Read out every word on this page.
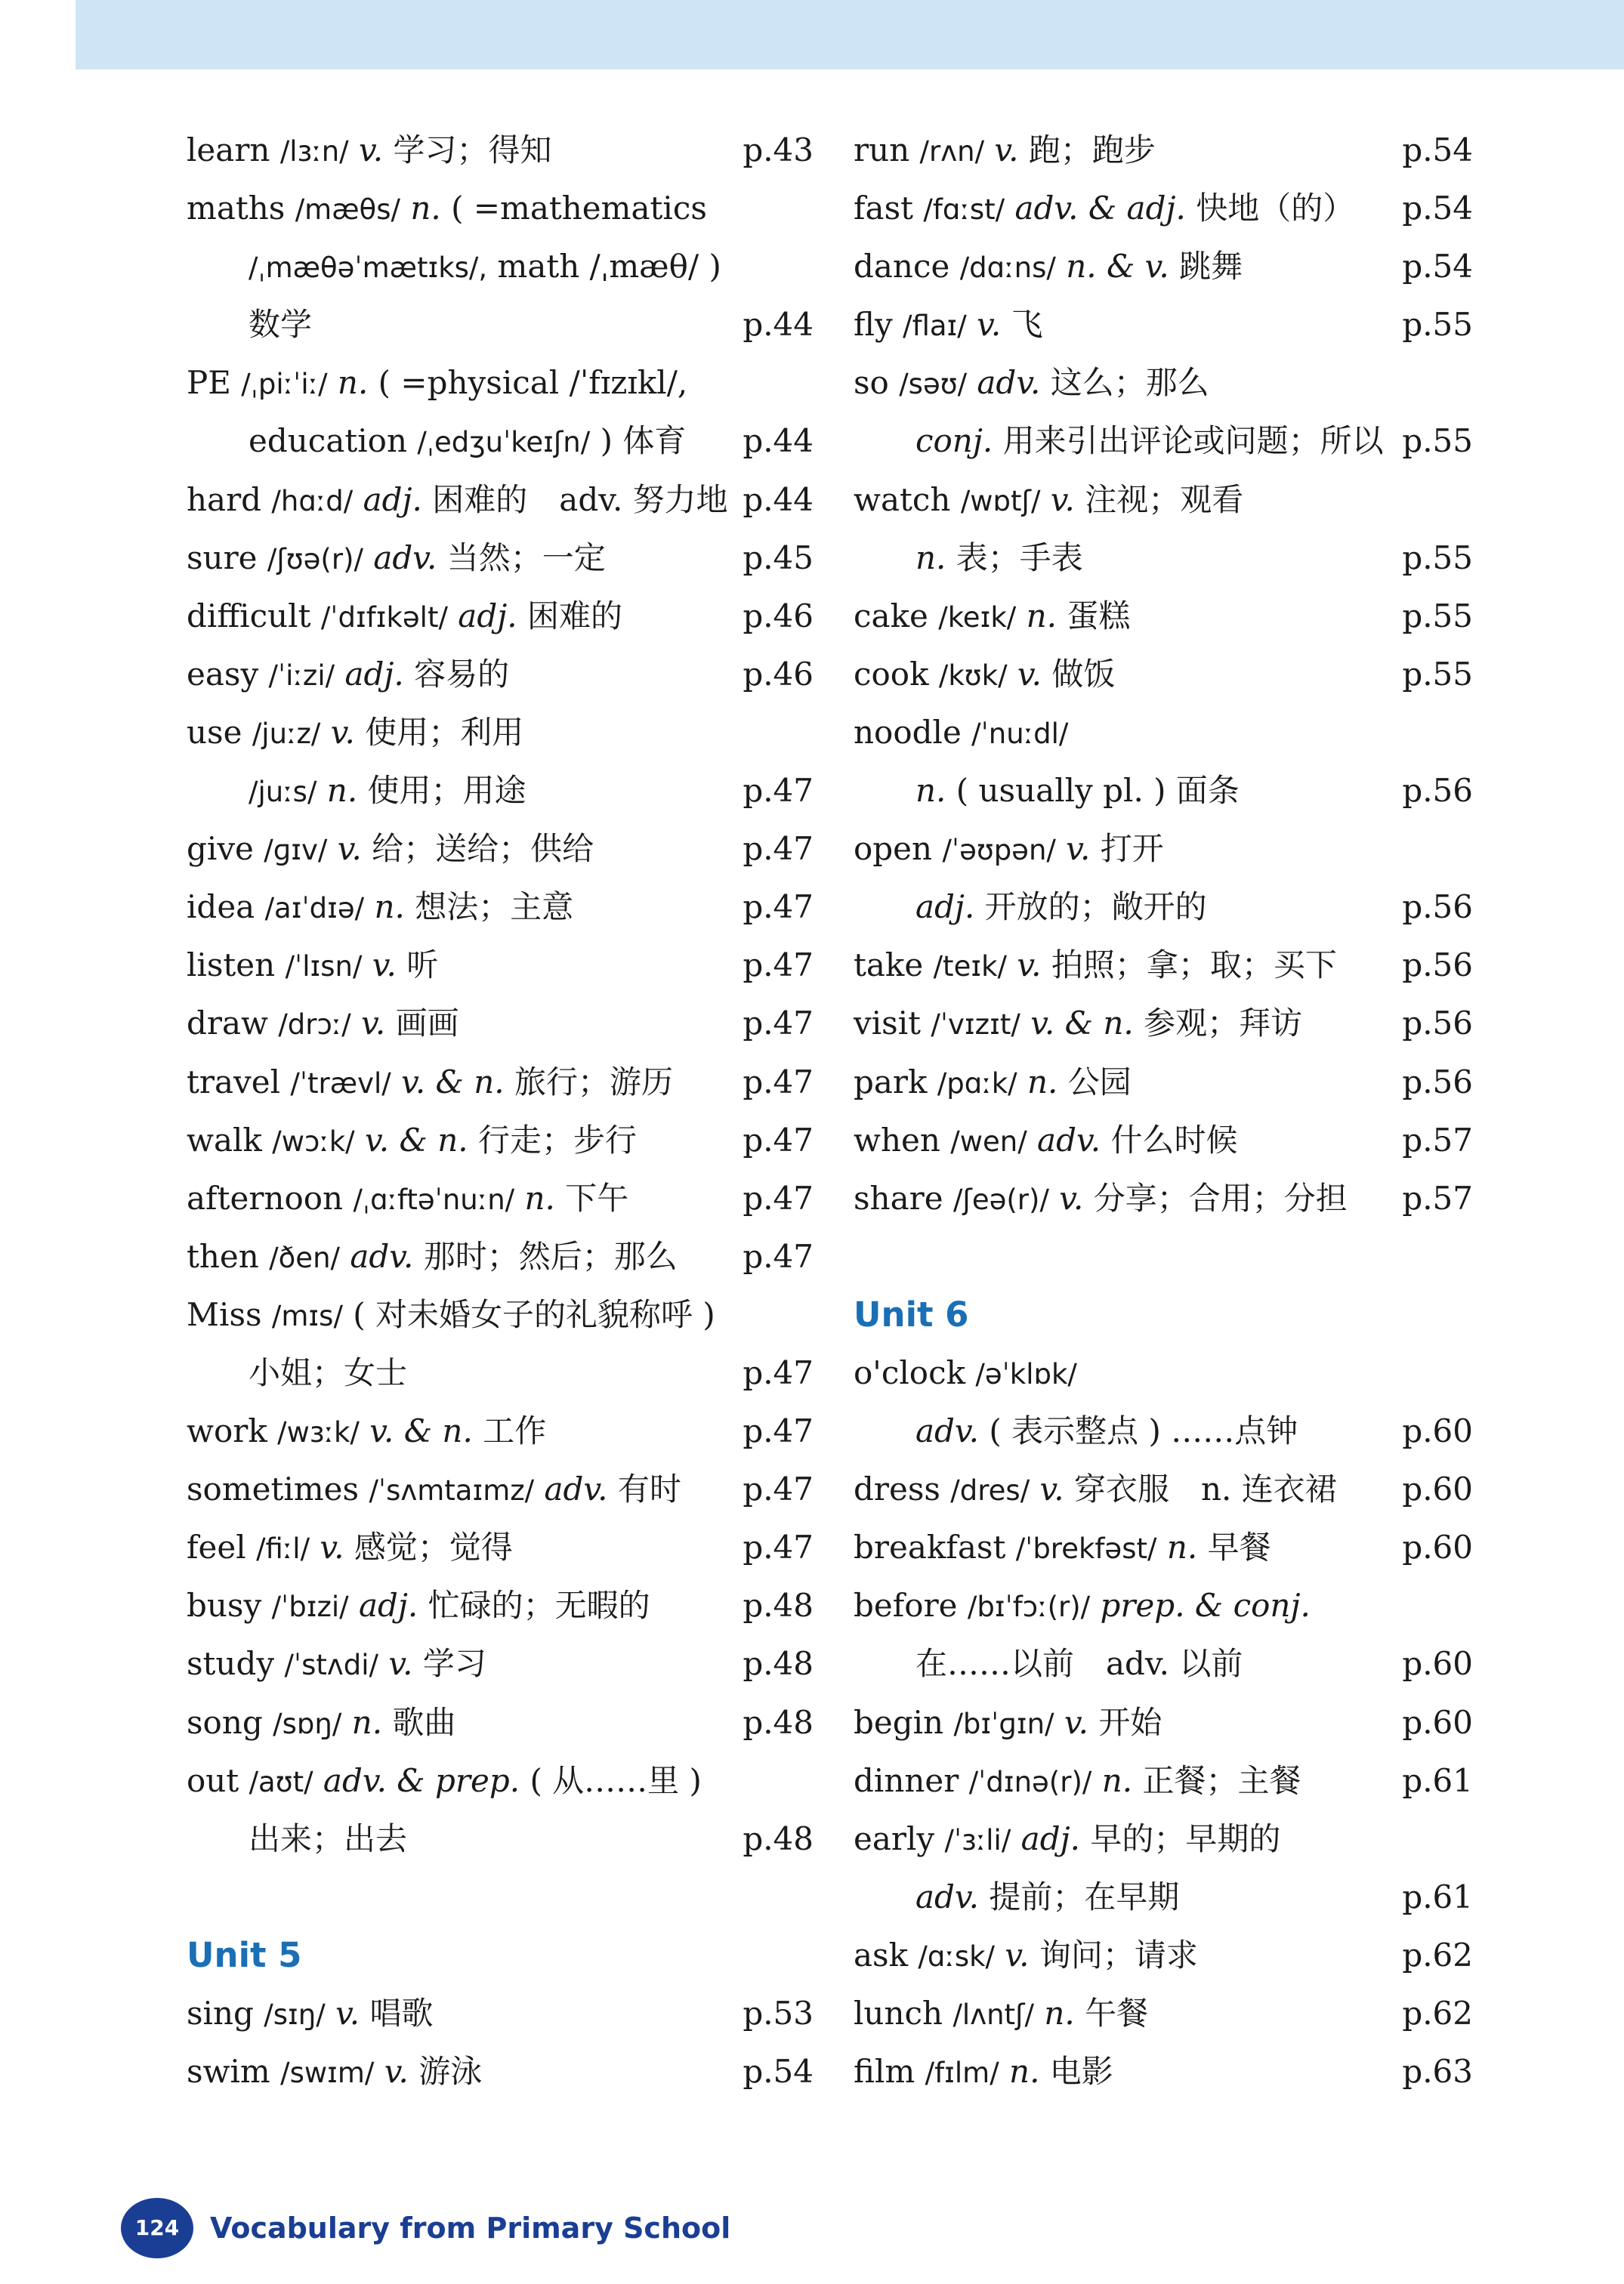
learn /lɜːn/ v. 学习；得知	p.43
maths /mæθs/ n. ( =mathematics
/ˌmæθəˈmætɪks/, math /ˌmæθ/ )
数学	p.44
PE /ˌpiːˈiː/ n. ( =physical /ˈfɪzɪkl/,
education /ˌedʒuˈkeɪʃn/ ) 体育 p.44
hard /hɑːd/ adj. 困难的　adv. 努力地 p.44
sure /ʃʊə(r)/ adv. 当然；一定	p.45
difficult /ˈdɪfɪkəlt/ adj. 困难的	p.46
easy /ˈiːzi/ adj. 容易的	p.46
use /juːz/ v. 使用；利用
/juːs/ n. 使用；用途	p.47
give /ɡɪv/ v. 给；送给；供给	p.47
idea /aɪˈdɪə/ n. 想法；主意	p.47
listen /ˈlɪsn/ v. 听	p.47
draw /drɔː/ v. 画画	p.47
travel /ˈtrævl/ v. & n. 旅行；游历 p.47
walk /wɔːk/ v. & n. 行走；步行	p.47
afternoon /ˌɑːftəˈnuːn/ n. 下午	p.47
then /ðen/ adv. 那时；然后；那么 p.47
Miss /mɪs/ ( 对未婚女子的礼貌称呼 )
小姐；女士	p.47
work /wɜːk/ v. & n. 工作	p.47
sometimes /ˈsʌmtaɪmz/ adv. 有时 p.47
feel /fiːl/ v. 感觉；觉得	p.47
busy /ˈbɪzi/ adj. 忙碌的；无暇的	p.48
study /ˈstʌdi/ v. 学习	p.48
song /sɒŋ/ n. 歌曲	p.48
out /aʊt/ adv. & prep. ( 从……里 )
出来；出去	p.48
Unit 5
sing /sɪŋ/ v. 唱歌	p.53
swim /swɪm/ v. 游泳	p.54
run /rʌn/ v. 跑；跑步	p.54
fast /fɑːst/ adv. & adj. 快地（的） p.54
dance /dɑːns/ n. & v. 跳舞	p.54
fly /flaɪ/ v. 飞	p.55
so /səʊ/ adv. 这么；那么
conj. 用来引出评论或问题；所以 p.55
watch /wɒtʃ/ v. 注视；观看
n. 表；手表	p.55
cake /keɪk/ n. 蛋糕	p.55
cook /kʊk/ v. 做饭	p.55
noodle /ˈnuːdl/
n. ( usually pl. ) 面条	p.56
open /ˈəʊpən/ v. 打开
adj. 开放的；敞开的	p.56
take /teɪk/ v. 拍照；拿；取；买下 p.56
visit /ˈvɪzɪt/ v. & n. 参观；拜访	p.56
park /pɑːk/ n. 公园	p.56
when /wen/ adv. 什么时候	p.57
share /ʃeə(r)/ v. 分享；合用；分担 p.57
Unit 6
o'clock /əˈklɒk/
adv. ( 表示整点 ) ……点钟	p.60
dress /dres/ v. 穿衣服　n. 连衣裙 p.60
breakfast /ˈbrekfəst/ n. 早餐	p.60
before /bɪˈfɔː(r)/ prep. & conj.
在……以前　adv. 以前	p.60
begin /bɪˈɡɪn/ v. 开始	p.60
dinner /ˈdɪnə(r)/ n. 正餐；主餐	p.61
early /ˈɜːli/ adj. 早的；早期的
adv. 提前；在早期	p.61
ask /ɑːsk/ v. 询问；请求	p.62
lunch /lʌntʃ/ n. 午餐	p.62
film /fɪlm/ n. 电影	p.63
124	Vocabulary from Primary School
